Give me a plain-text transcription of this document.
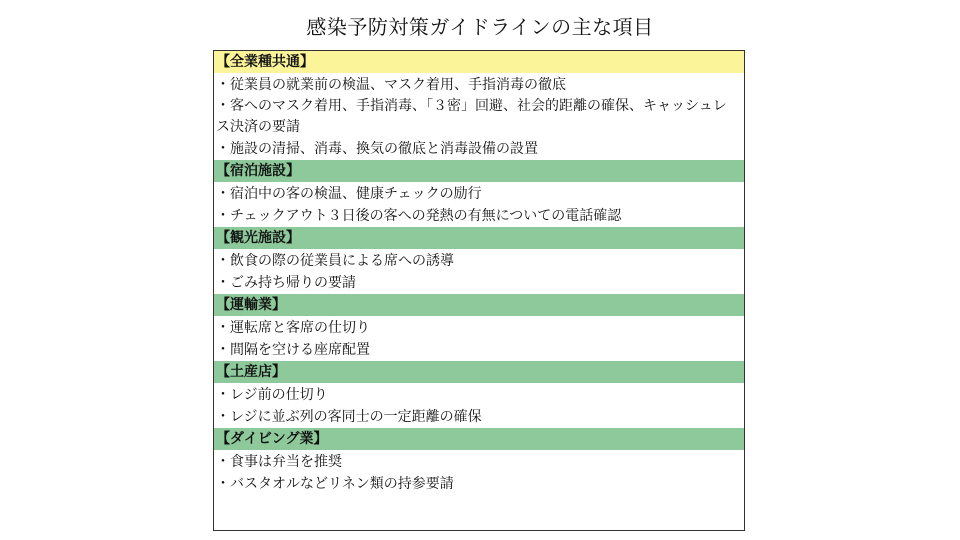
感染予防対策ガイドラインの主な項目
【全業種共通】
・従業員の就業前の検温、マスク着用、手指消毒の徹底
・客へのマスク着用、手指消毒、「３密」回避、社会的距離の確保、キャッシュレス決済の要請
・施設の清掃、消毒、換気の徹底と消毒設備の設置
【宿泊施設】
・宿泊中の客の検温、健康チェックの励行
・チェックアウト３日後の客への発熱の有無についての電話確認
【観光施設】
・飲食の際の従業員による席への誘導
・ごみ持ち帰りの要請
【運輸業】
・運転席と客席の仕切り
・間隔を空ける座席配置
【土産店】
・レジ前の仕切り
・レジに並ぶ列の客同士の一定距離の確保
【ダイビング業】
・食事は弁当を推奨
・バスタオルなどリネン類の持参要請
